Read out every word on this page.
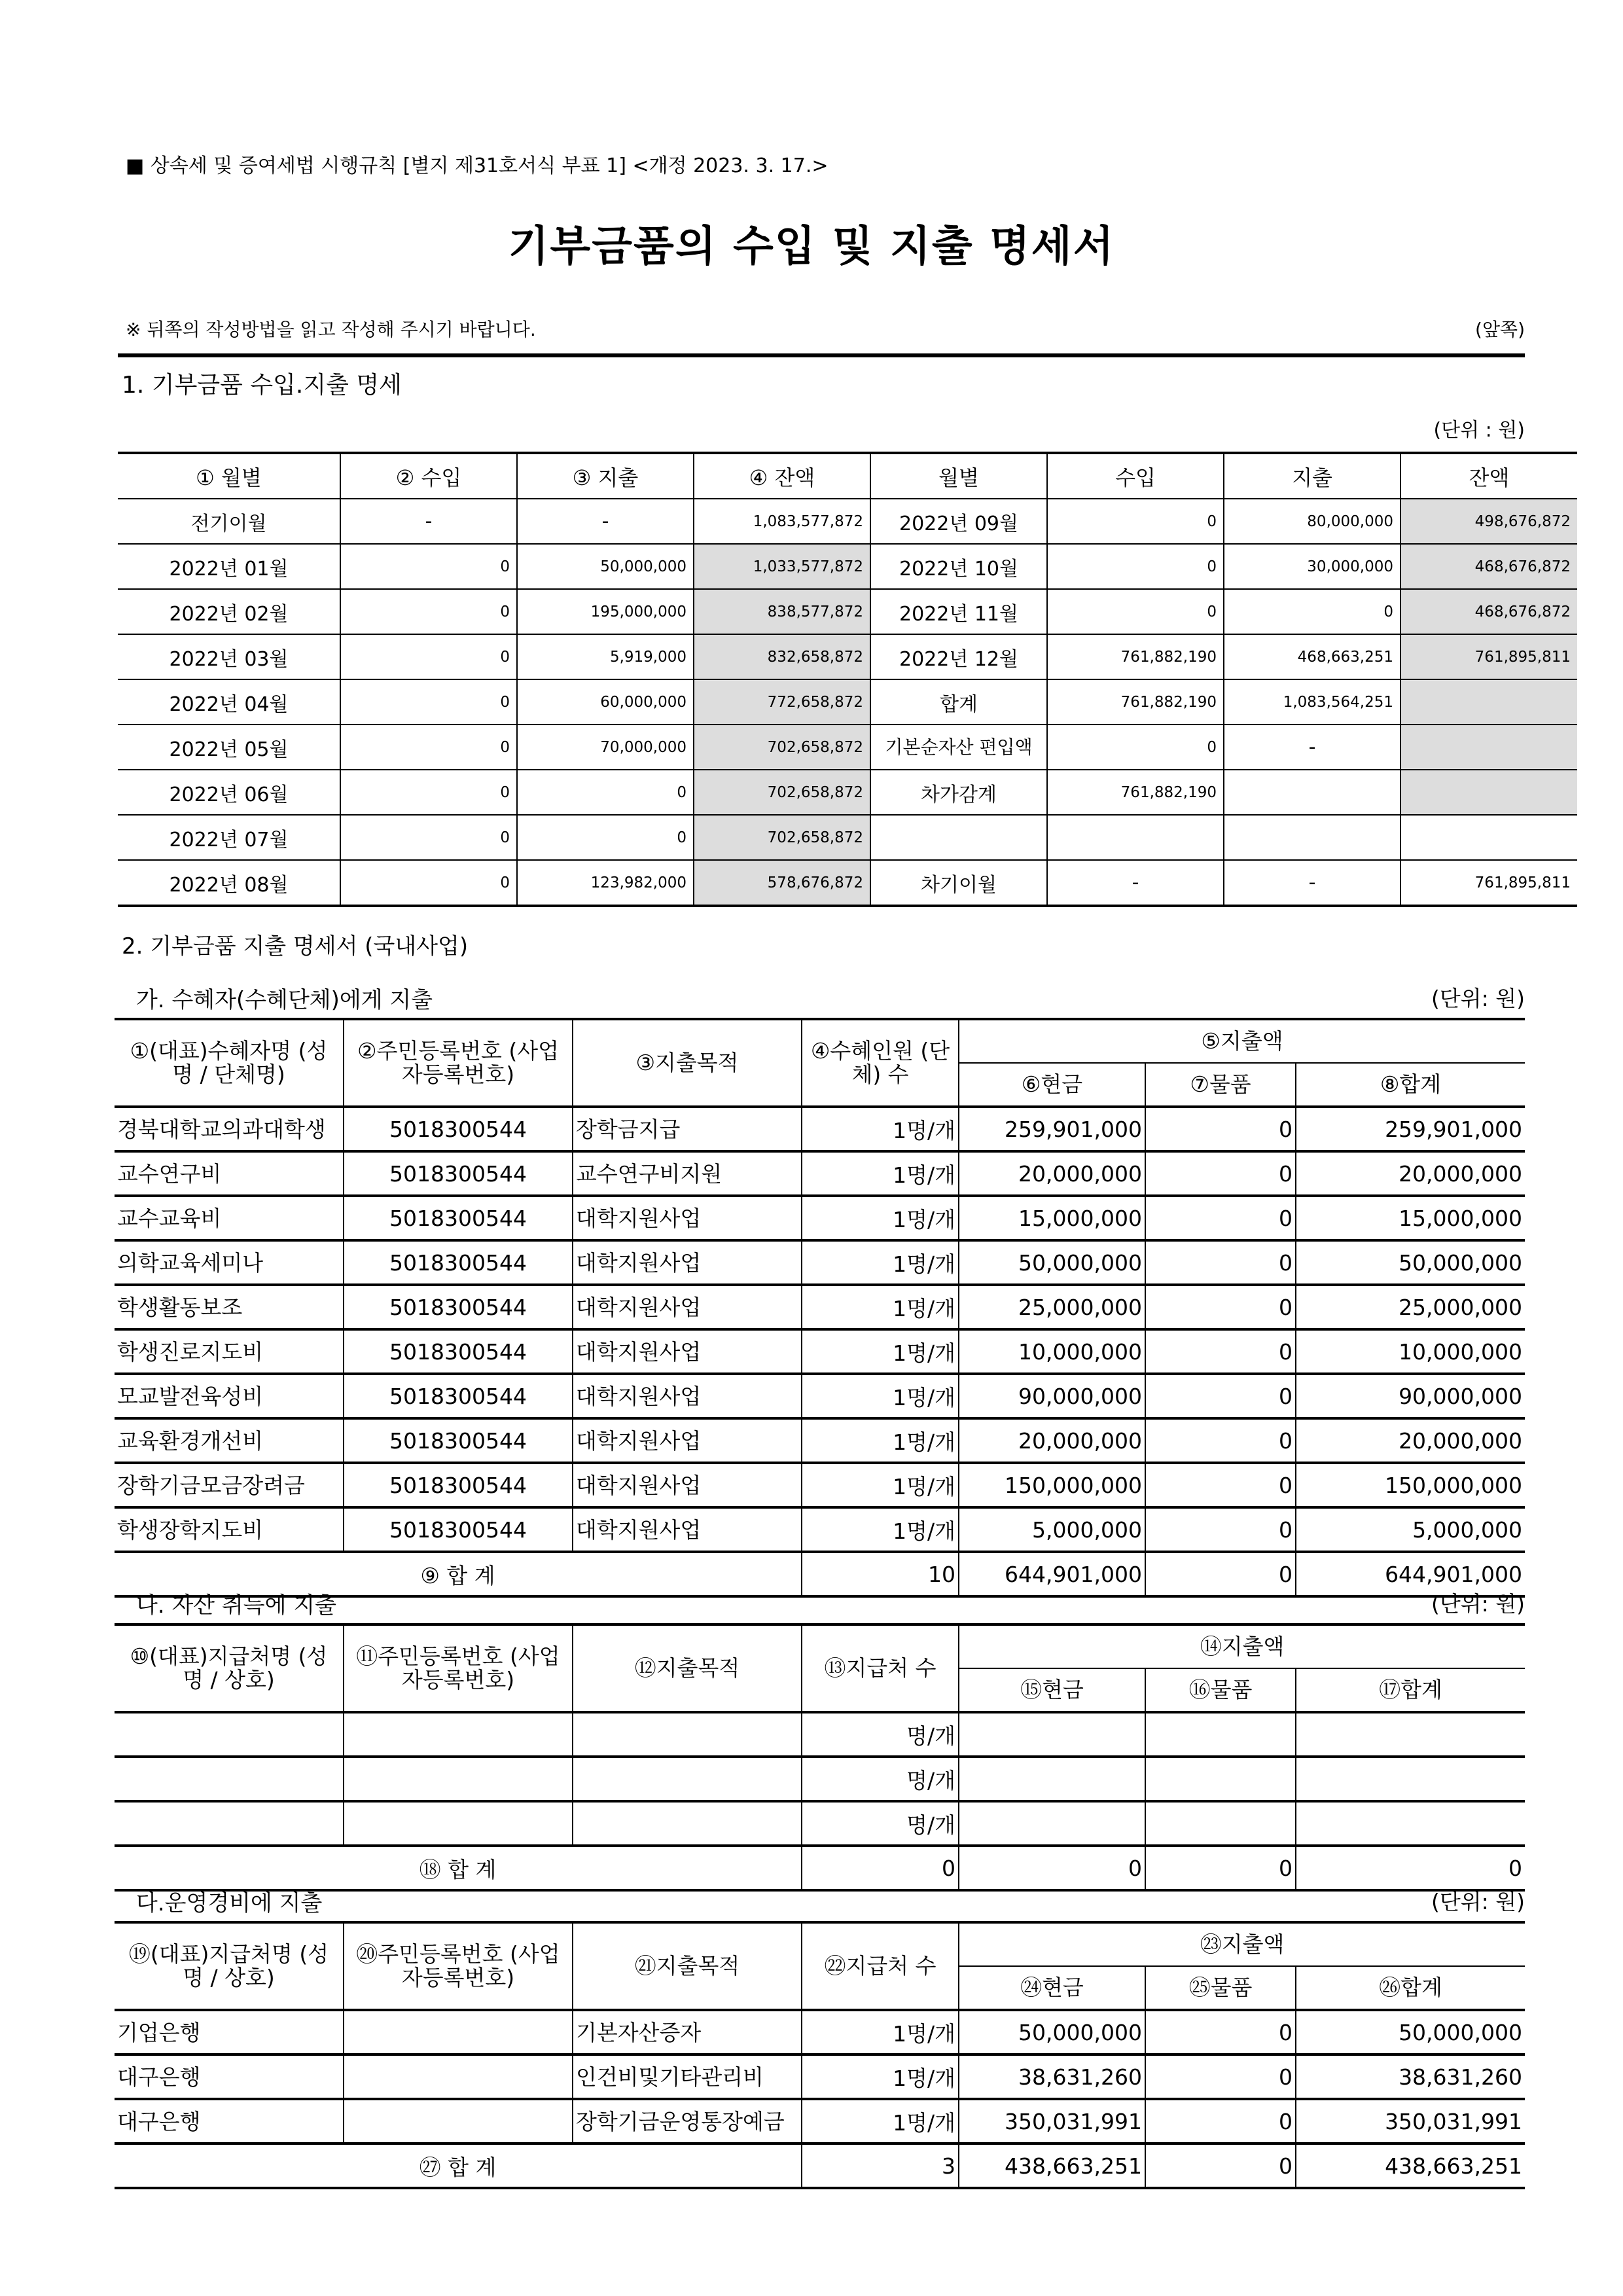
■ 상속세 및 증여세법 시행규칙 [별지 제31호서식 부표 1] <개정 2023. 3. 17.>
기부금품의 수입 및 지출 명세서
※ 뒤쪽의 작성방법을 읽고 작성해 주시기 바랍니다.	(앞쪽)
1. 기부금품 수입.지출 명세
(단위 : 원)
① 월별	② 수입	③ 지출	④ 잔액	월별	수입	지출	잔액
전기이월	-	-	1,083,577,872	2022년 09월	0	80,000,000	498,676,872
2022년 01월	0	50,000,000	1,033,577,872	2022년 10월	0	30,000,000	468,676,872
2022년 02월	0	195,000,000	838,577,872	2022년 11월	0	0	468,676,872
2022년 03월	0	5,919,000	832,658,872	2022년 12월	761,882,190	468,663,251	761,895,811
2022년 04월	0	60,000,000	772,658,872	합계	761,882,190	1,083,564,251	
2022년 05월	0	70,000,000	702,658,872	기본순자산 편입액	0	-	
2022년 06월	0	0	702,658,872	차가감계	761,882,190		
2022년 07월	0	0	702,658,872				
2022년 08월	0	123,982,000	578,676,872	차기이월	-	-	761,895,811
2. 기부금품 지출 명세서 (국내사업)
가. 수혜자(수혜단체)에게 지출	(단위: 원)
①(대표)수혜자명 (성명 / 단체명)	②주민등록번호 (사업자등록번호)	③지출목적	④수혜인원 (단체) 수	⑤지출액		
				⑥현금	⑦물품	⑧합계
경북대학교의과대학생	5018300544	장학금지급	1명/개	259,901,000	0	259,901,000
교수연구비	5018300544	교수연구비지원	1명/개	20,000,000	0	20,000,000
교수교육비	5018300544	대학지원사업	1명/개	15,000,000	0	15,000,000
의학교육세미나	5018300544	대학지원사업	1명/개	50,000,000	0	50,000,000
학생활동보조	5018300544	대학지원사업	1명/개	25,000,000	0	25,000,000
학생진로지도비	5018300544	대학지원사업	1명/개	10,000,000	0	10,000,000
모교발전육성비	5018300544	대학지원사업	1명/개	90,000,000	0	90,000,000
교육환경개선비	5018300544	대학지원사업	1명/개	20,000,000	0	20,000,000
장학기금모금장려금	5018300544	대학지원사업	1명/개	150,000,000	0	150,000,000
학생장학지도비	5018300544	대학지원사업	1명/개	5,000,000	0	5,000,000
⑨ 합 계			10	644,901,000	0	644,901,000
나. 자산 취득에 지출	(단위: 원)
⑩(대표)지급처명 (성명 / 상호)	⑪주민등록번호 (사업자등록번호)	⑫지출목적	⑬지급처 수	⑭지출액		
				⑮현금	⑯물품	⑰합계
			명/개			
			명/개			
			명/개			
⑱ 합 계			0	0	0	0
다.운영경비에 지출	(단위: 원)
⑲(대표)지급처명 (성명 / 상호)	⑳주민등록번호 (사업자등록번호)	㉑지출목적	㉒지급처 수	㉓지출액		
				㉔현금	㉕물품	㉖합계
기업은행		기본자산증자	1명/개	50,000,000	0	50,000,000
대구은행		인건비및기타관리비	1명/개	38,631,260	0	38,631,260
대구은행		장학기금운영통장예금	1명/개	350,031,991	0	350,031,991
㉗ 합 계			3	438,663,251	0	438,663,251
